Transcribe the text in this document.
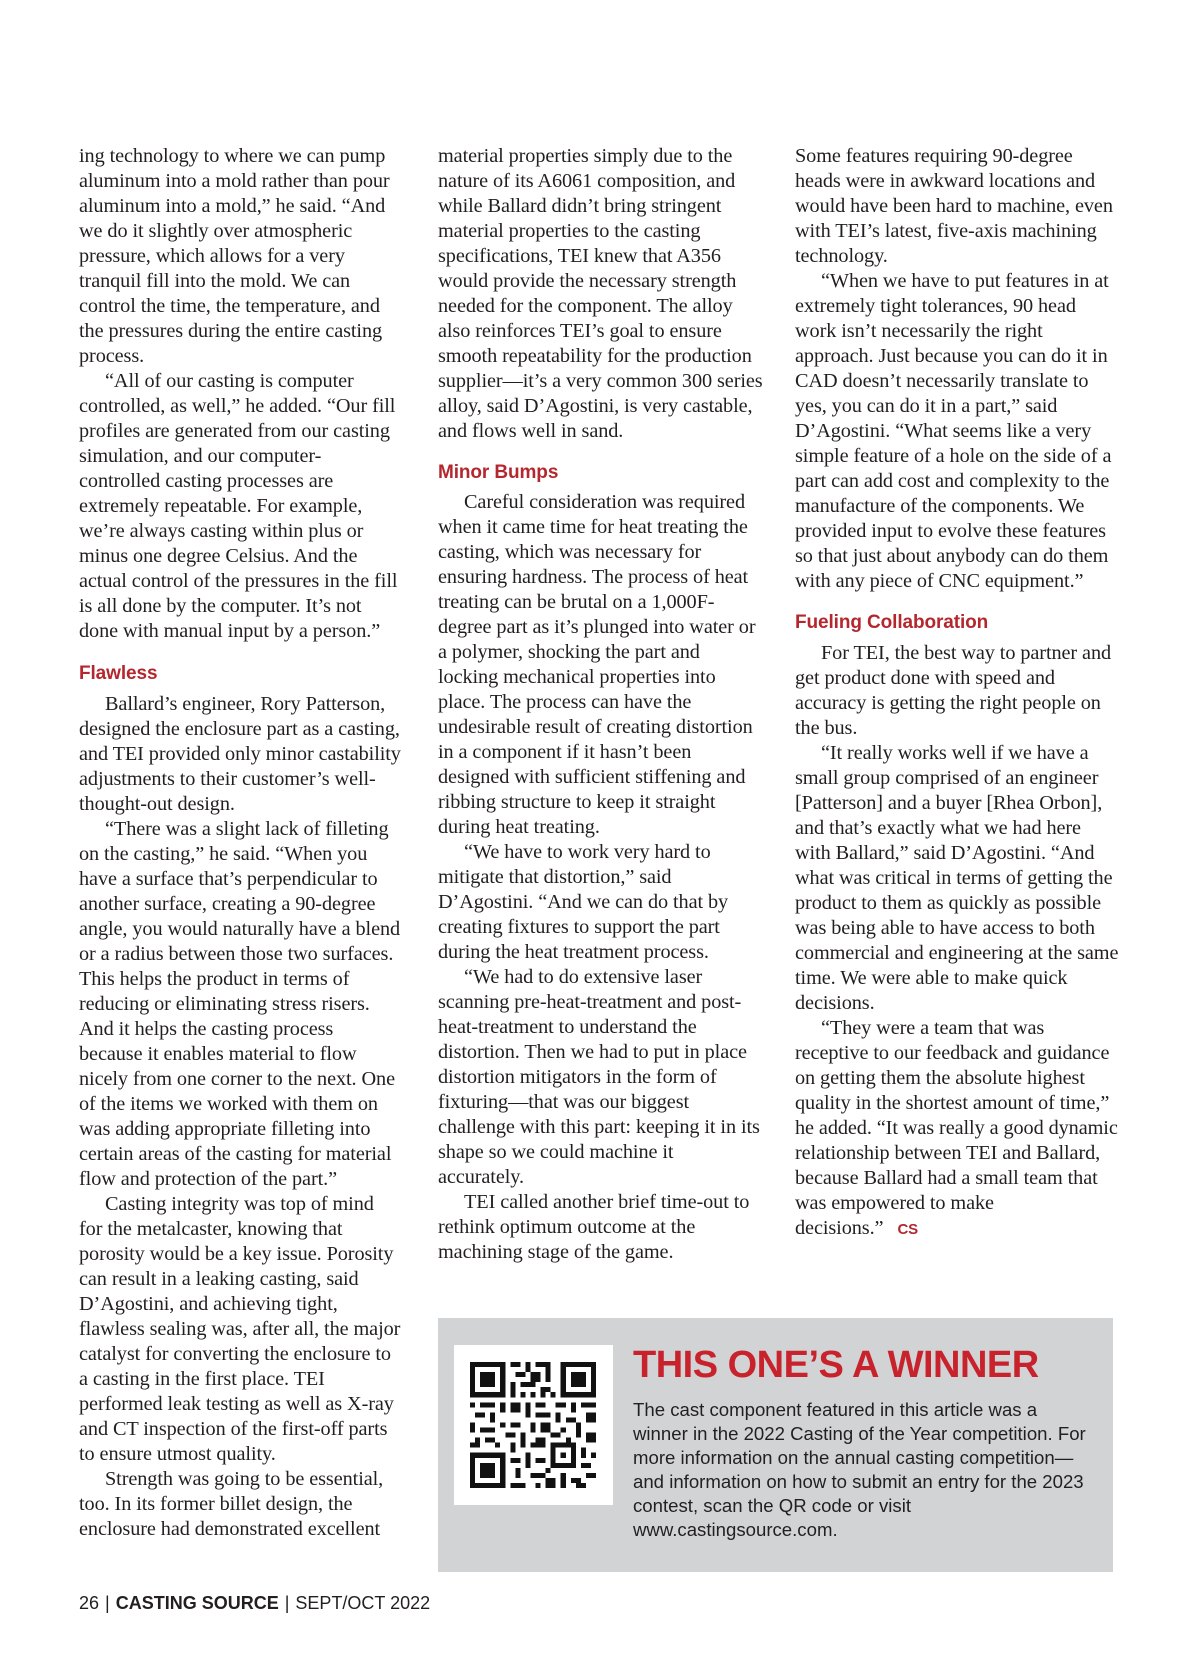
ing technology to where we can pump aluminum into a mold rather than pour aluminum into a mold,” he said. “And we do it slightly over atmospheric pressure, which allows for a very tranquil fill into the mold. We can control the time, the temperature, and the pressures during the entire casting process.

“All of our casting is computer controlled, as well,” he added. “Our fill profiles are generated from our casting simulation, and our computer-controlled casting processes are extremely repeatable. For example, we’re always casting within plus or minus one degree Celsius. And the actual control of the pressures in the fill is all done by the computer. It’s not done with manual input by a person.”

Flawless

Ballard’s engineer, Rory Patterson, designed the enclosure part as a casting, and TEI provided only minor castability adjustments to their customer’s well-thought-out design.

“There was a slight lack of filleting on the casting,” he said. “When you have a surface that’s perpendicular to another surface, creating a 90-degree angle, you would naturally have a blend or a radius between those two surfaces. This helps the product in terms of reducing or eliminating stress risers. And it helps the casting process because it enables material to flow nicely from one corner to the next. One of the items we worked with them on was adding appropriate filleting into certain areas of the casting for material flow and protection of the part.”

Casting integrity was top of mind for the metalcaster, knowing that porosity would be a key issue. Porosity can result in a leaking casting, said D’Agostini, and achieving tight, flawless sealing was, after all, the major catalyst for converting the enclosure to a casting in the first place. TEI performed leak testing as well as X-ray and CT inspection of the first-off parts to ensure utmost quality.

Strength was going to be essential, too. In its former billet design, the enclosure had demonstrated excellent

material properties simply due to the nature of its A6061 composition, and while Ballard didn’t bring stringent material properties to the casting specifications, TEI knew that A356 would provide the necessary strength needed for the component. The alloy also reinforces TEI’s goal to ensure smooth repeatability for the production supplier—it’s a very common 300 series alloy, said D’Agostini, is very castable, and flows well in sand.

Minor Bumps

Careful consideration was required when it came time for heat treating the casting, which was necessary for ensuring hardness. The process of heat treating can be brutal on a 1,000F-degree part as it’s plunged into water or a polymer, shocking the part and locking mechanical properties into place. The process can have the undesirable result of creating distortion in a component if it hasn’t been designed with sufficient stiffening and ribbing structure to keep it straight during heat treating.

“We have to work very hard to mitigate that distortion,” said D’Agostini. “And we can do that by creating fixtures to support the part during the heat treatment process.

“We had to do extensive laser scanning pre-heat-treatment and post-heat-treatment to understand the distortion. Then we had to put in place distortion mitigators in the form of fixturing—that was our biggest challenge with this part: keeping it in its shape so we could machine it accurately.

TEI called another brief time-out to rethink optimum outcome at the machining stage of the game.

Some features requiring 90-degree heads were in awkward locations and would have been hard to machine, even with TEI’s latest, five-axis machining technology.

“When we have to put features in at extremely tight tolerances, 90 head work isn’t necessarily the right approach. Just because you can do it in CAD doesn’t necessarily translate to yes, you can do it in a part,” said D’Agostini. “What seems like a very simple feature of a hole on the side of a part can add cost and complexity to the manufacture of the components. We provided input to evolve these features so that just about anybody can do them with any piece of CNC equipment.”

Fueling Collaboration

For TEI, the best way to partner and get product done with speed and accuracy is getting the right people on the bus.

“It really works well if we have a small group comprised of an engineer [Patterson] and a buyer [Rhea Orbon], and that’s exactly what we had here with Ballard,” said D’Agostini. “And what was critical in terms of getting the product to them as quickly as possible was being able to have access to both commercial and engineering at the same time. We were able to make quick decisions.

“They were a team that was receptive to our feedback and guidance on getting them the absolute highest quality in the shortest amount of time,” he added. “It was really a good dynamic relationship between TEI and Ballard, because Ballard had a small team that was empowered to make decisions.” CS

THIS ONE’S A WINNER

The cast component featured in this article was a winner in the 2022 Casting of the Year competition. For more information on the annual casting competition—and information on how to submit an entry for the 2023 contest, scan the QR code or visit www.castingsource.com.

26 | CASTING SOURCE | SEPT/OCT 2022
